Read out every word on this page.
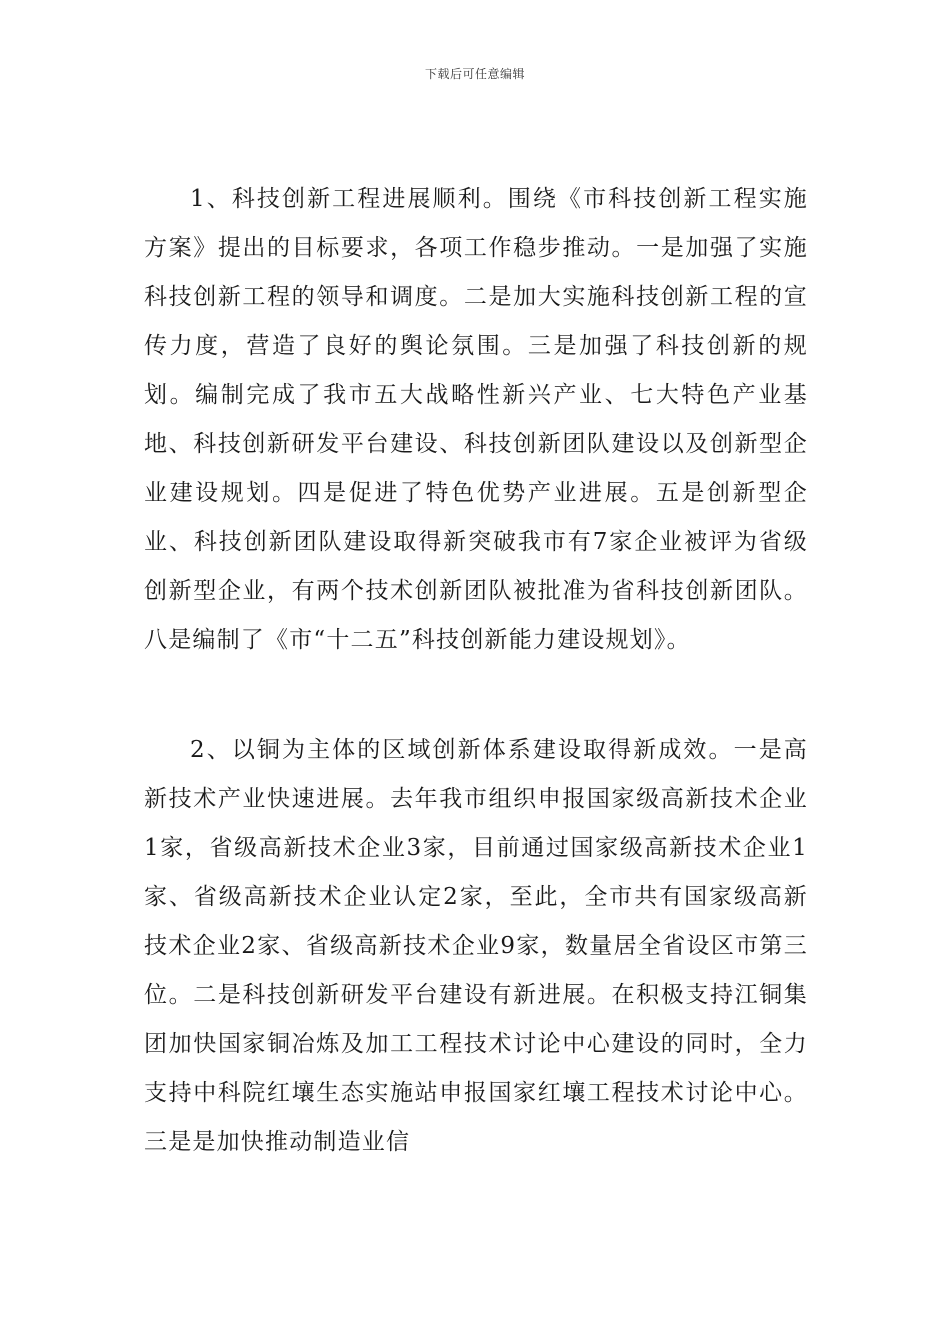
下载后可任意编辑

1、科技创新工程进展顺利。围绕《市科技创新工程实施方案》提出的目标要求，各项工作稳步推动。一是加强了实施科技创新工程的领导和调度。二是加大实施科技创新工程的宣传力度，营造了良好的舆论氛围。三是加强了科技创新的规划。编制完成了我市五大战略性新兴产业、七大特色产业基地、科技创新研发平台建设、科技创新团队建设以及创新型企业建设规划。四是促进了特色优势产业进展。五是创新型企业、科技创新团队建设取得新突破我市有7家企业被评为省级创新型企业，有两个技术创新团队被批准为省科技创新团队。八是编制了《市“十二五”科技创新能力建设规划》。

2、以铜为主体的区域创新体系建设取得新成效。一是高新技术产业快速进展。去年我市组织申报国家级高新技术企业1家，省级高新技术企业3家，目前通过国家级高新技术企业1家、省级高新技术企业认定2家，至此，全市共有国家级高新技术企业2家、省级高新技术企业9家，数量居全省设区市第三位。二是科技创新研发平台建设有新进展。在积极支持江铜集团加快国家铜冶炼及加工工程技术讨论中心建设的同时，全力支持中科院红壤生态实施站申报国家红壤工程技术讨论中心。三是是加快推动制造业信
